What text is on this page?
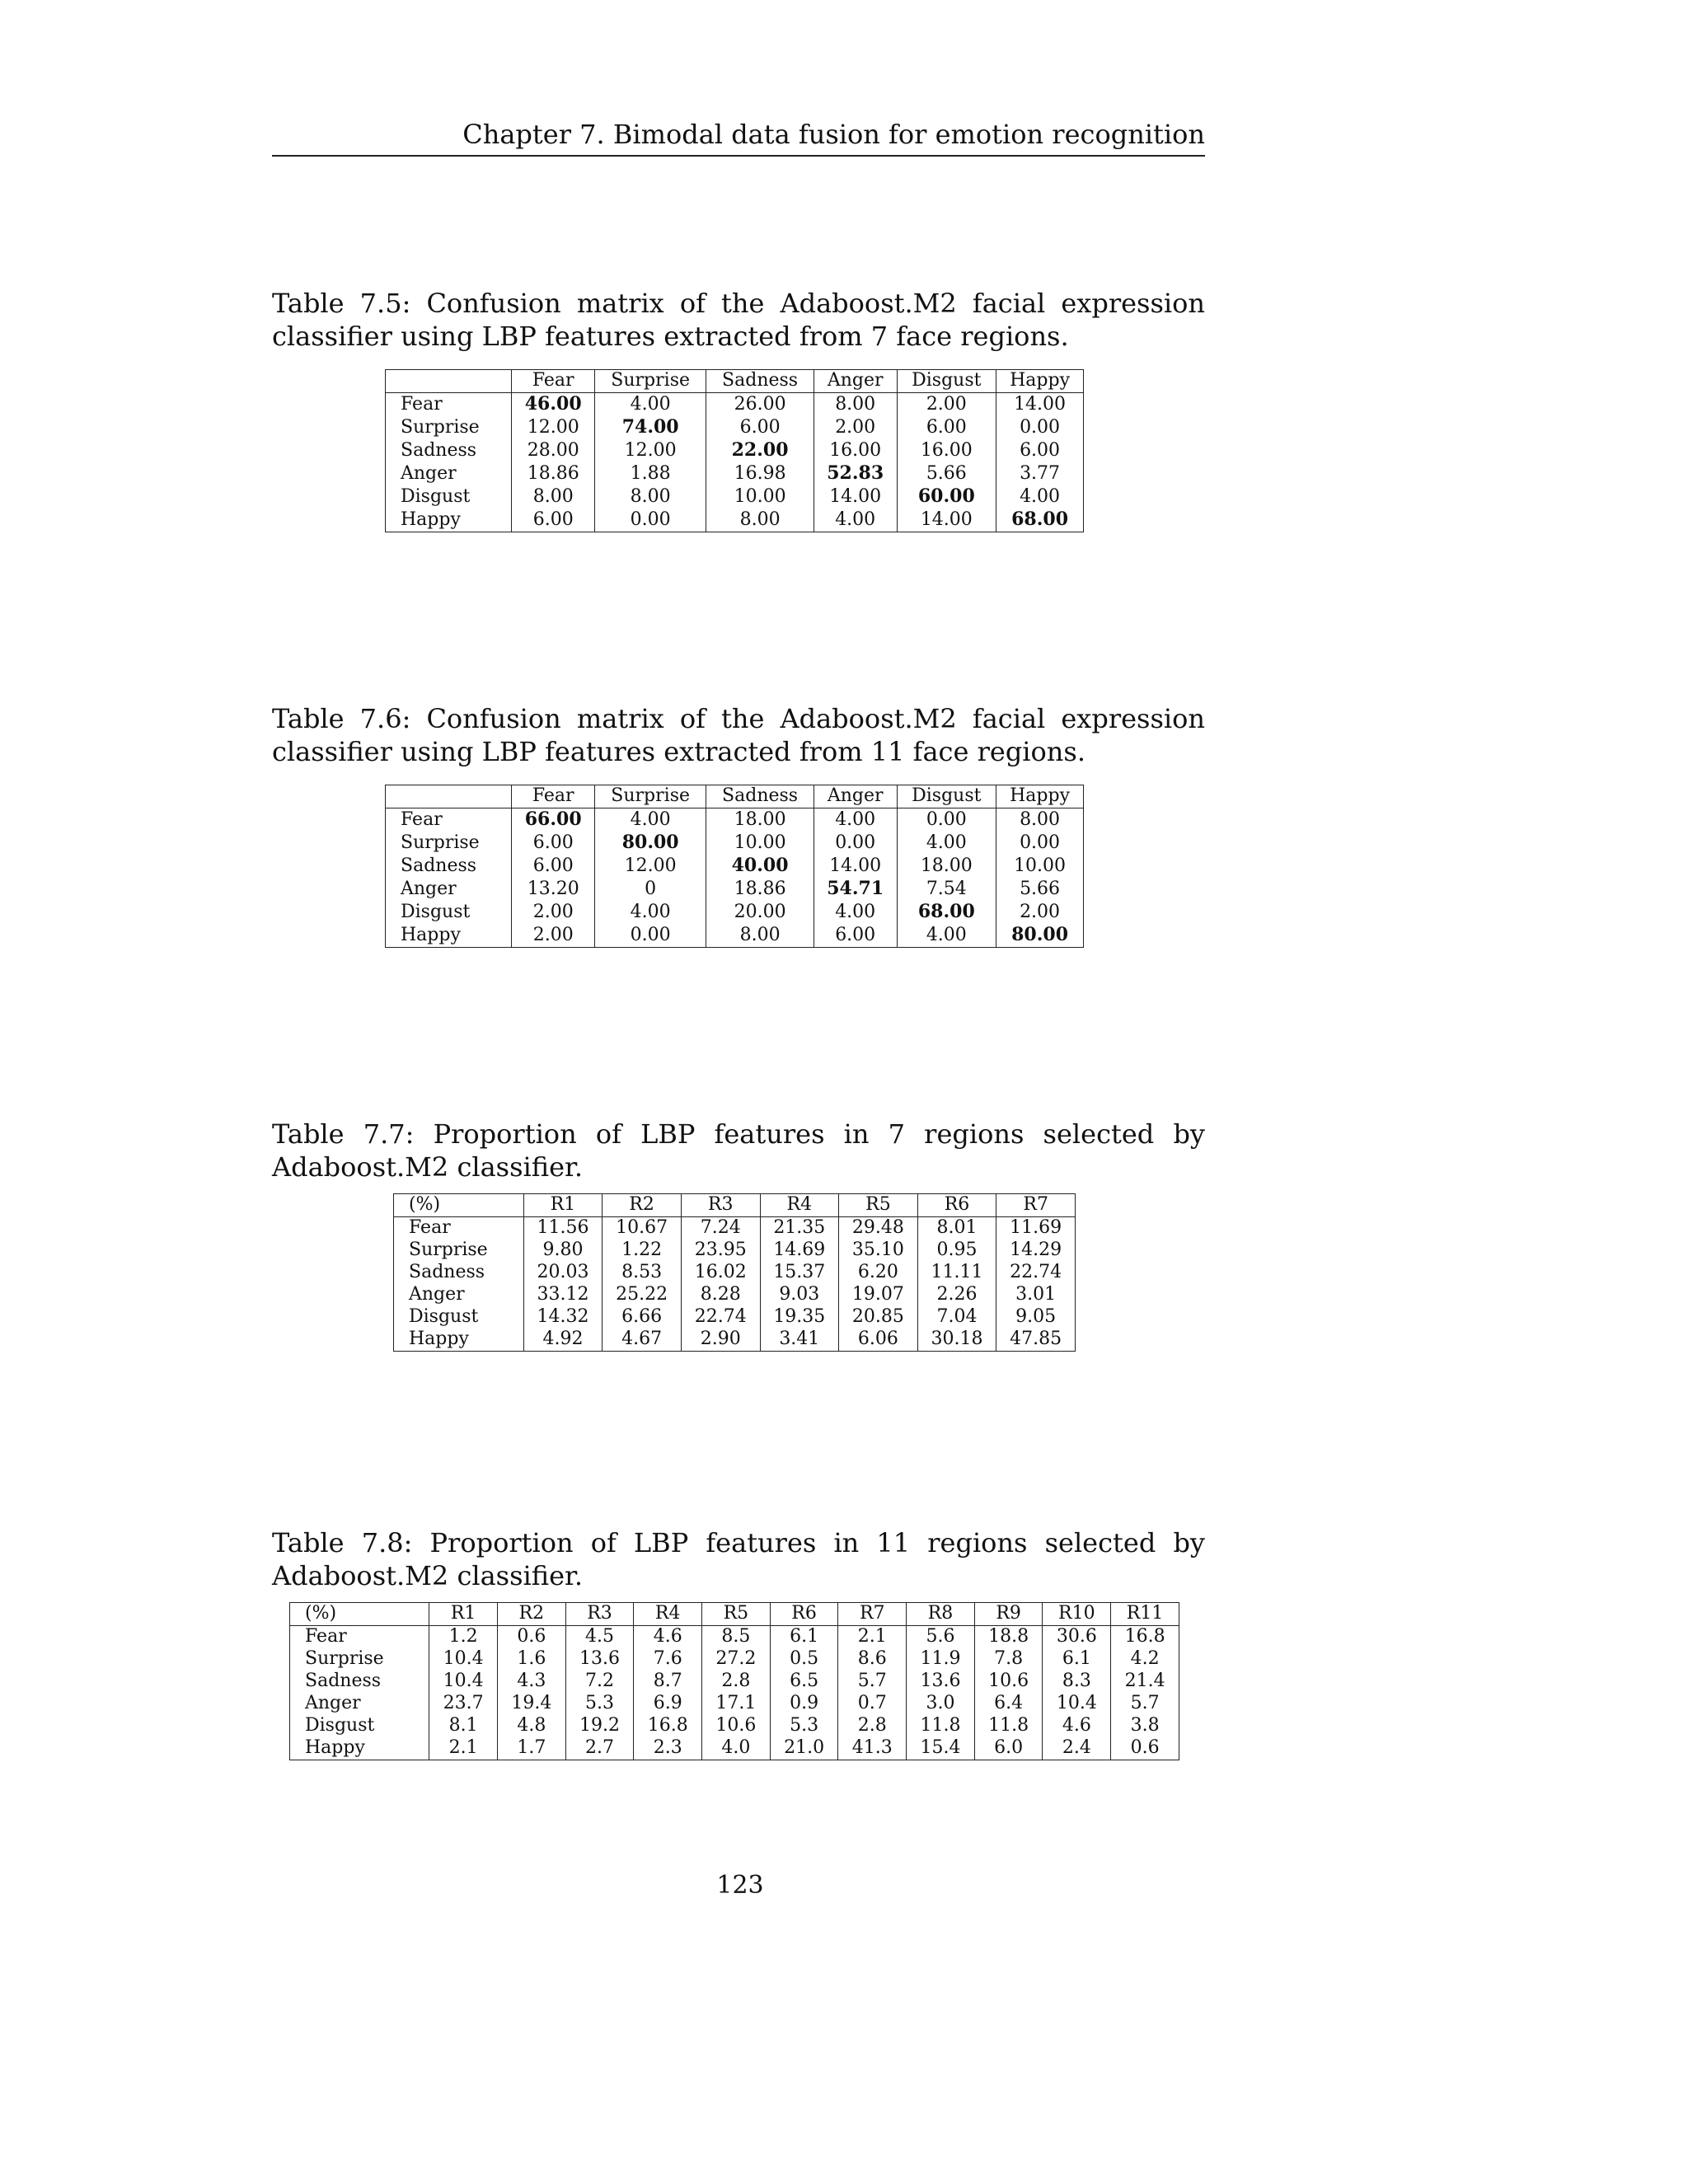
Chapter 7. Bimodal data fusion for emotion recognition
Table 7.5: Confusion matrix of the Adaboost.M2 facial expression classifier using LBP features extracted from 7 face regions.
	Fear	Surprise	Sadness	Anger	Disgust	Happy
Fear	46.00	4.00	26.00	8.00	2.00	14.00
Surprise	12.00	74.00	6.00	2.00	6.00	0.00
Sadness	28.00	12.00	22.00	16.00	16.00	6.00
Anger	18.86	1.88	16.98	52.83	5.66	3.77
Disgust	8.00	8.00	10.00	14.00	60.00	4.00
Happy	6.00	0.00	8.00	4.00	14.00	68.00
Table 7.6: Confusion matrix of the Adaboost.M2 facial expression classifier using LBP features extracted from 11 face regions.
	Fear	Surprise	Sadness	Anger	Disgust	Happy
Fear	66.00	4.00	18.00	4.00	0.00	8.00
Surprise	6.00	80.00	10.00	0.00	4.00	0.00
Sadness	6.00	12.00	40.00	14.00	18.00	10.00
Anger	13.20	0	18.86	54.71	7.54	5.66
Disgust	2.00	4.00	20.00	4.00	68.00	2.00
Happy	2.00	0.00	8.00	6.00	4.00	80.00
Table 7.7: Proportion of LBP features in 7 regions selected by Adaboost.M2 classifier.
(%)	R1	R2	R3	R4	R5	R6	R7
Fear	11.56	10.67	7.24	21.35	29.48	8.01	11.69
Surprise	9.80	1.22	23.95	14.69	35.10	0.95	14.29
Sadness	20.03	8.53	16.02	15.37	6.20	11.11	22.74
Anger	33.12	25.22	8.28	9.03	19.07	2.26	3.01
Disgust	14.32	6.66	22.74	19.35	20.85	7.04	9.05
Happy	4.92	4.67	2.90	3.41	6.06	30.18	47.85
Table 7.8: Proportion of LBP features in 11 regions selected by Adaboost.M2 classifier.
(%)	R1	R2	R3	R4	R5	R6	R7	R8	R9	R10	R11
Fear	1.2	0.6	4.5	4.6	8.5	6.1	2.1	5.6	18.8	30.6	16.8
Surprise	10.4	1.6	13.6	7.6	27.2	0.5	8.6	11.9	7.8	6.1	4.2
Sadness	10.4	4.3	7.2	8.7	2.8	6.5	5.7	13.6	10.6	8.3	21.4
Anger	23.7	19.4	5.3	6.9	17.1	0.9	0.7	3.0	6.4	10.4	5.7
Disgust	8.1	4.8	19.2	16.8	10.6	5.3	2.8	11.8	11.8	4.6	3.8
Happy	2.1	1.7	2.7	2.3	4.0	21.0	41.3	15.4	6.0	2.4	0.6
123
